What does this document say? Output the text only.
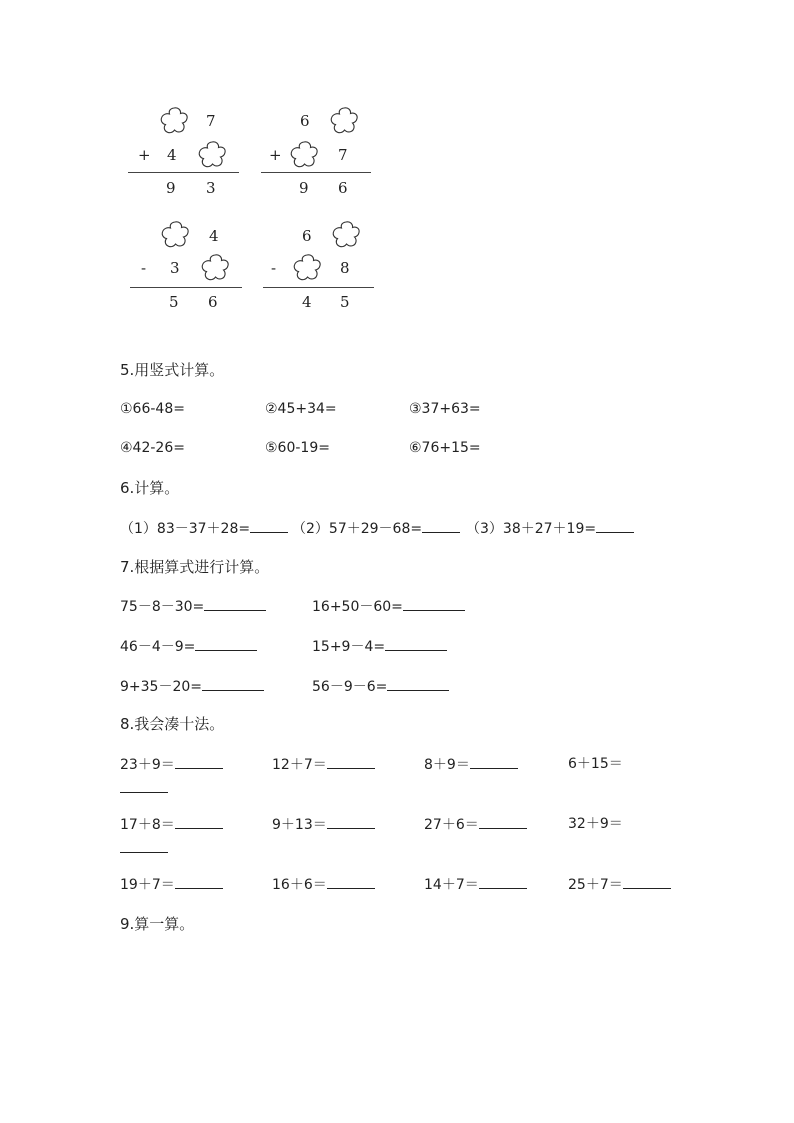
7
+ 4
9 3
6
+	7
9 6
4
- 3
5 6
6
-	8
4 5
5.用竖式计算。
①66-48=	②45+34=	③37+63=
④42-26=	⑤60-19=	⑥76+15=
6.计算。
（1）83－37＋28=	（2）57＋29－68=	（3）38＋27＋19=
7.根据算式进行计算。
75－8－30=	16+50－60=
46－4－9=	15+9－4=
9+35－20=	56－9－6=
8.我会凑十法。
23＋9＝	12＋7＝	8＋9＝	6＋15＝
17＋8＝	9＋13＝	27＋6＝	32＋9＝
19＋7＝	16＋6＝	14＋7＝	25＋7＝
9.算一算。
